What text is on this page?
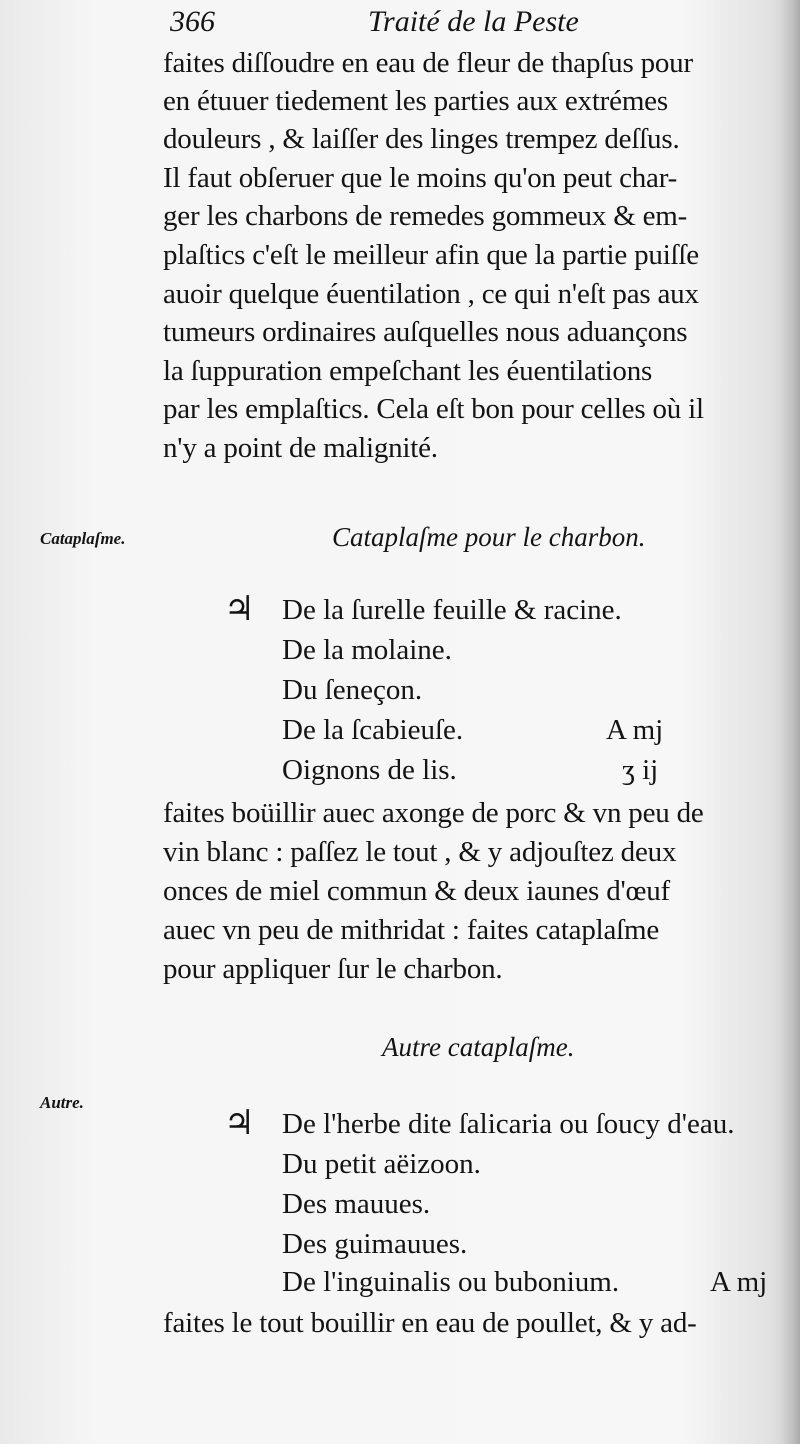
366	Traité de la Peste
faites diſſoudre en eau de fleur de thapſus pour
en étuuer tiedement les parties aux extrémes
douleurs , & laiſſer des linges trempez deſſus.
Il faut obſeruer que le moins qu'on peut char-
ger les charbons de remedes gommeux & em-
plaſtics c'eſt le meilleur afin que la partie puiſſe
auoir quelque éuentilation , ce qui n'eſt pas aux
tumeurs ordinaires auſquelles nous aduançons
la ſuppuration empeſchant les éuentilations
par les emplaſtics. Cela eſt bon pour celles où il
n'y a point de malignité.
Cataplaſme.	Cataplaſme pour le charbon.
♃ De la ſurelle feuille & racine.
De la molaine.
Du ſeneçon.
De la ſcabieuſe.	A mj
Oignons de lis.	ʒ ij
faites boüillir auec axonge de porc & vn peu de
vin blanc : paſſez le tout , & y adjouſtez deux
onces de miel commun & deux iaunes d'œuf
auec vn peu de mithridat : faites cataplaſme
pour appliquer ſur le charbon.
Autre cataplaſme.
Autre.
♃ De l'herbe dite ſalicaria ou ſoucy d'eau.
Du petit aëizoon.
Des mauues.
Des guimauues.
De l'inguinalis ou bubonium.	A mj
faites le tout bouillir en eau de poullet, & y ad-
